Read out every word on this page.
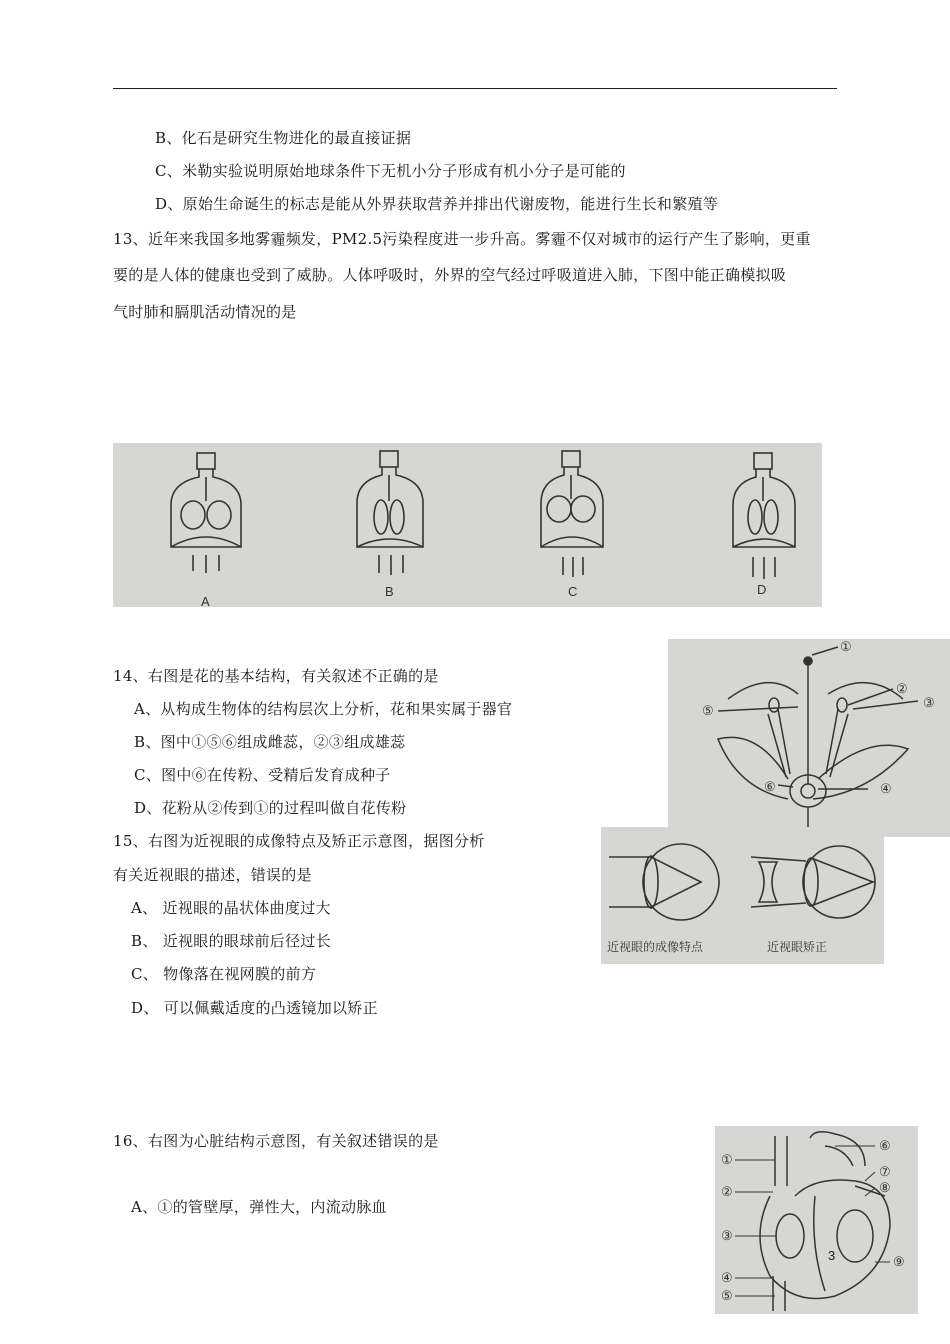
B、化石是研究生物进化的最直接证据
C、米勒实验说明原始地球条件下无机小分子形成有机小分子是可能的
D、原始生命诞生的标志是能从外界获取营养并排出代谢废物，能进行生长和繁殖等
13、近年来我国多地雾霾频发，PM2.5污染程度进一步升高。雾霾不仅对城市的运行产生了影响，更重
要的是人体的健康也受到了威胁。人体呼吸时，外界的空气经过呼吸道进入肺，下图中能正确模拟吸
气时肺和膈肌活动情况的是
A
B	C	D
14、右图是花的基本结构，有关叙述不正确的是
A、从构成生物体的结构层次上分析，花和果实属于器官
B、图中①⑤⑥组成雌蕊，②③组成雄蕊
C、图中⑥在传粉、受精后发育成种子
D、花粉从②传到①的过程叫做自花传粉
①
②
③
④
⑤
⑥
15、右图为近视眼的成像特点及矫正示意图，据图分析
有关近视眼的描述，错误的是
A、 近视眼的晶状体曲度过大
B、 近视眼的眼球前后径过长
C、 物像落在视网膜的前方
D、 可以佩戴适度的凸透镜加以矫正
近视眼的成像特点	近视眼矫正
16、右图为心脏结构示意图，有关叙述错误的是
A、①的管壁厚，弹性大，内流动脉血
①
②
③
④
⑤
⑥
⑦
⑧
⑨
3
